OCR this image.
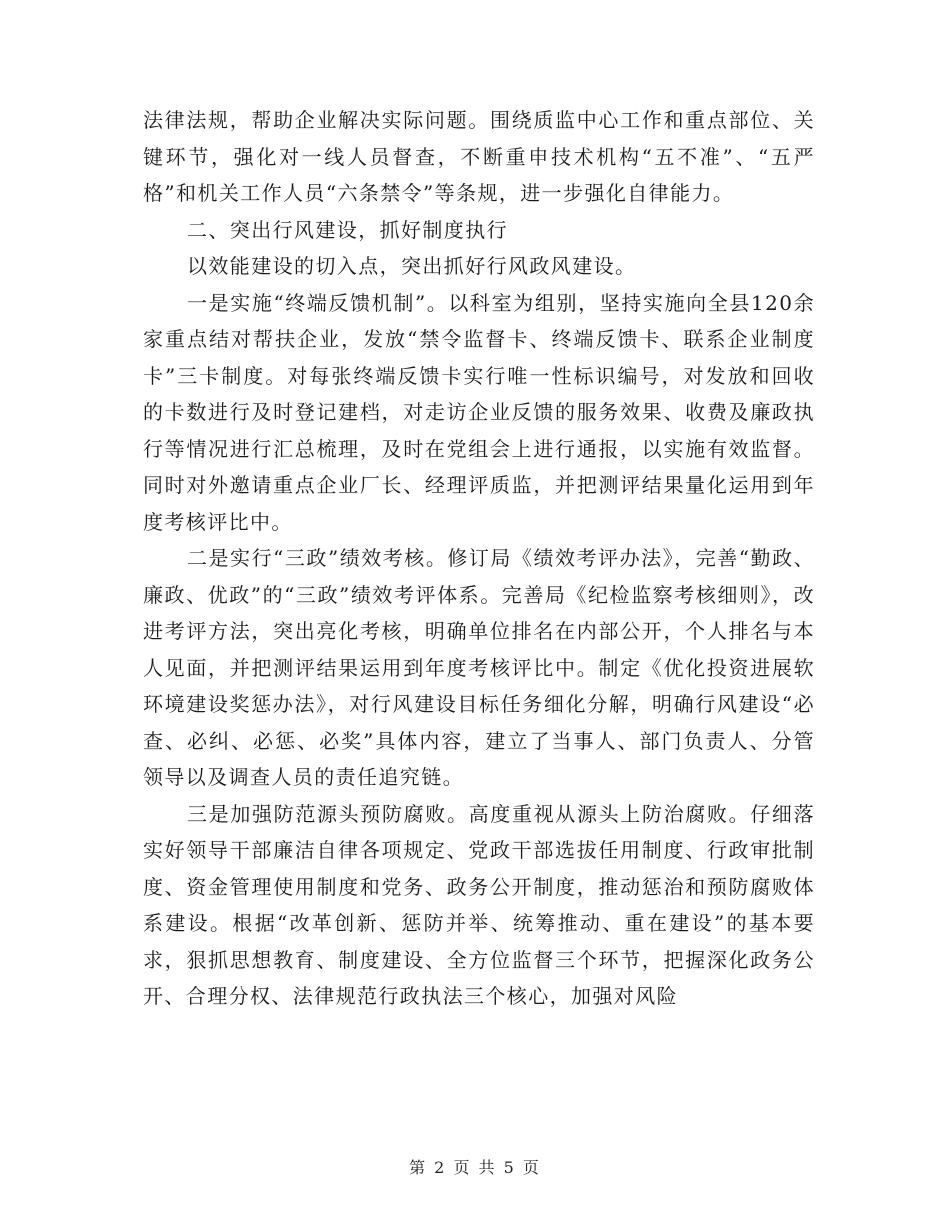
法律法规，帮助企业解决实际问题。围绕质监中心工作和重点部位、关键环节，强化对一线人员督查，不断重申技术机构“五不准”、“五严格”和机关工作人员“六条禁令”等条规，进一步强化自律能力。

二、突出行风建设，抓好制度执行

以效能建设的切入点，突出抓好行风政风建设。

一是实施“终端反馈机制”。以科室为组别，坚持实施向全县120余家重点结对帮扶企业，发放“禁令监督卡、终端反馈卡、联系企业制度卡”三卡制度。对每张终端反馈卡实行唯一性标识编号，对发放和回收的卡数进行及时登记建档，对走访企业反馈的服务效果、收费及廉政执行等情况进行汇总梳理，及时在党组会上进行通报，以实施有效监督。同时对外邀请重点企业厂长、经理评质监，并把测评结果量化运用到年度考核评比中。

二是实行“三政”绩效考核。修订局《绩效考评办法》，完善“勤政、廉政、优政”的“三政”绩效考评体系。完善局《纪检监察考核细则》，改进考评方法，突出亮化考核，明确单位排名在内部公开，个人排名与本人见面，并把测评结果运用到年度考核评比中。制定《优化投资进展软环境建设奖惩办法》，对行风建设目标任务细化分解，明确行风建设“必查、必纠、必惩、必奖”具体内容，建立了当事人、部门负责人、分管领导以及调查人员的责任追究链。

三是加强防范源头预防腐败。高度重视从源头上防治腐败。仔细落实好领导干部廉洁自律各项规定、党政干部选拔任用制度、行政审批制度、资金管理使用制度和党务、政务公开制度，推动惩治和预防腐败体系建设。根据“改革创新、惩防并举、统筹推动、重在建设”的基本要求，狠抓思想教育、制度建设、全方位监督三个环节，把握深化政务公开、合理分权、法律规范行政执法三个核心，加强对风险

第 2 页 共 5 页
